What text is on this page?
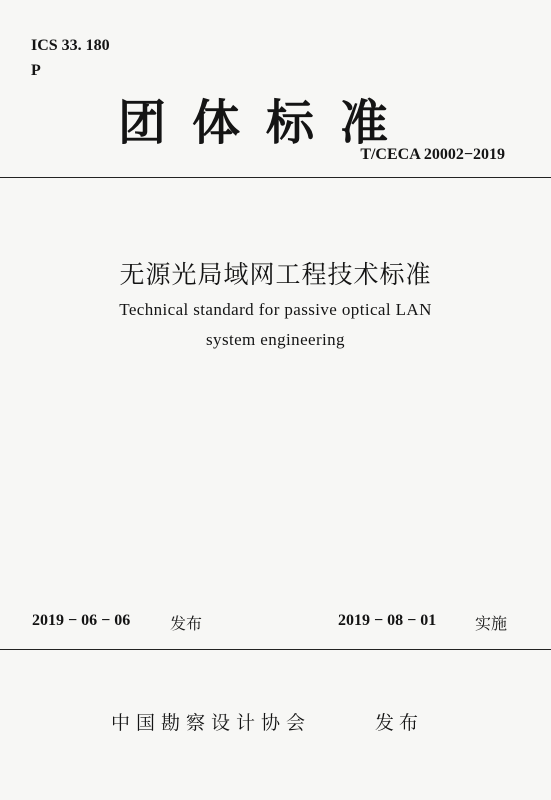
ICS 33. 180
P
团体标准
T/CECA 20002−2019
无源光局域网工程技术标准
Technical standard for passive optical LAN
system engineering
2019 − 06 − 06 发布	2019 − 08 − 01 实施
中国勘察设计协会	发布
